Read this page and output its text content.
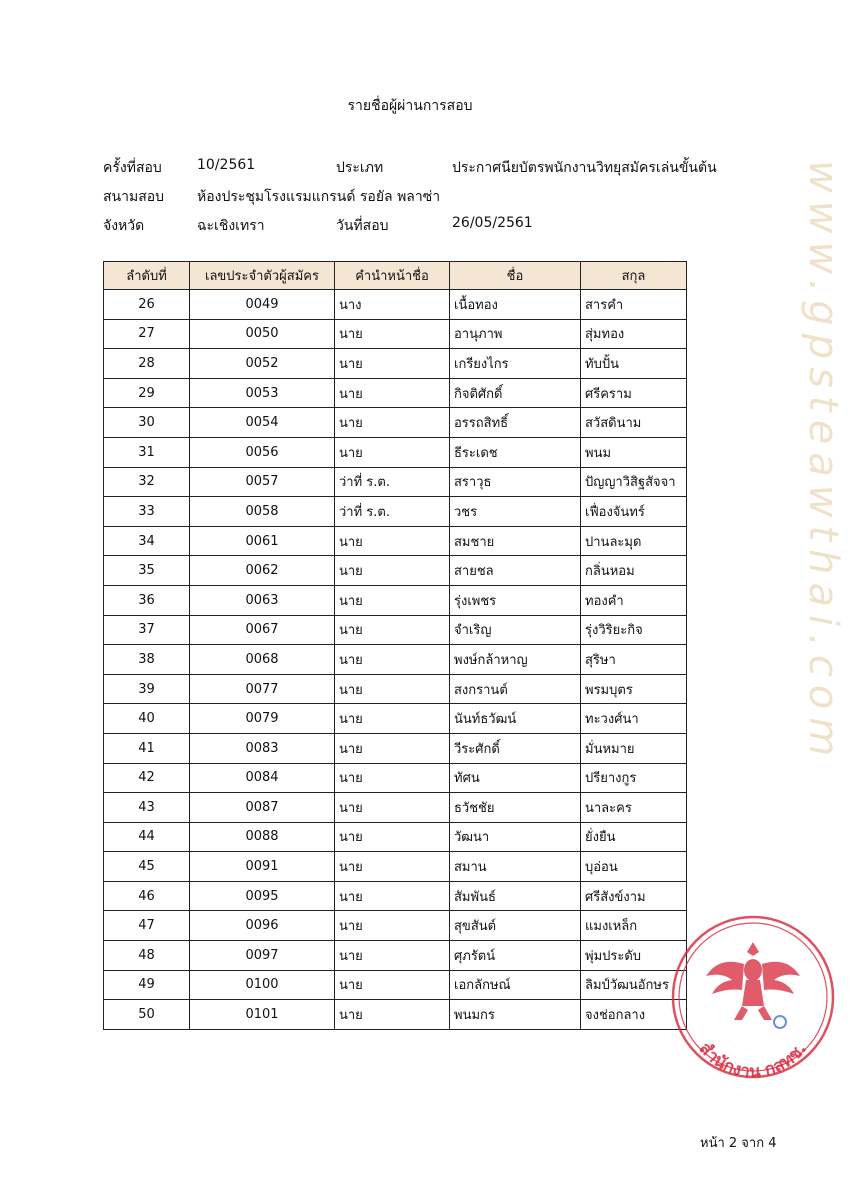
รายชื่อผู้ผ่านการสอบ
ครั้งที่สอบ	10/2561	ประเภท	ประกาศนียบัตรพนักงานวิทยุสมัครเล่นขั้นต้น
สนามสอบ ห้องประชุมโรงแรมแกรนด์ รอยัล พลาซ่า
จังหวัด	ฉะเชิงเทรา	วันที่สอบ	26/05/2561	www.gpsteawthai.com
ลำดับที่	เลขประจำตัวผู้สมัคร	คำนำหน้าชื่อ	ชื่อ	สกุล
26	0049	นาง	เนื้อทอง	สารคำ
27	0050	นาย	อานุภาพ	สุ่มทอง
28	0052	นาย	เกรียงไกร	ทับปั้น
29	0053	นาย	กิจติศักดิ์	ศรีคราม
30	0054	นาย	อรรถสิทธิ์	สวัสดินาม
31	0056	นาย	ธีระเดช	พนม
32	0057	ว่าที่ ร.ต.	สราวุธ	ปัญญาวิสิฐสัจจา
33	0058	ว่าที่ ร.ต.	วชร	เฟื่องจันทร์
34	0061	นาย	สมชาย	ปานละมุด
35	0062	นาย	สายชล	กลิ่นหอม
36	0063	นาย	รุ่งเพชร	ทองคำ
37	0067	นาย	จำเริญ	รุ่งวิริยะกิจ
38	0068	นาย	พงษ์กล้าหาญ	สุริษา
39	0077	นาย	สงกรานต์	พรมบุตร
40	0079	นาย	นันท์ธวัฒน์	ทะวงศ์นา
41	0083	นาย	วีระศักดิ์	มั่นหมาย
42	0084	นาย	ทัศน	ปรียางกูร
43	0087	นาย	ธวัชชัย	นาละคร
44	0088	นาย	วัฒนา	ยั่งยืน
45	0091	นาย	สมาน	บุอ่อน
46	0095	นาย	สัมพันธ์	ศรีสังข์งาม
47	0096	นาย	สุขสันต์	แมงเหล็ก
48	0097	นาย	ศุภรัตน์	พุ่มประดับ
49	0100	นาย	เอกลักษณ์	ลิมป์วัฒนอักษร
50	0101	นาย	พนมกร	จงช่อกลาง
สำนักงาน กสทช.
หน้า 2 จาก 4
